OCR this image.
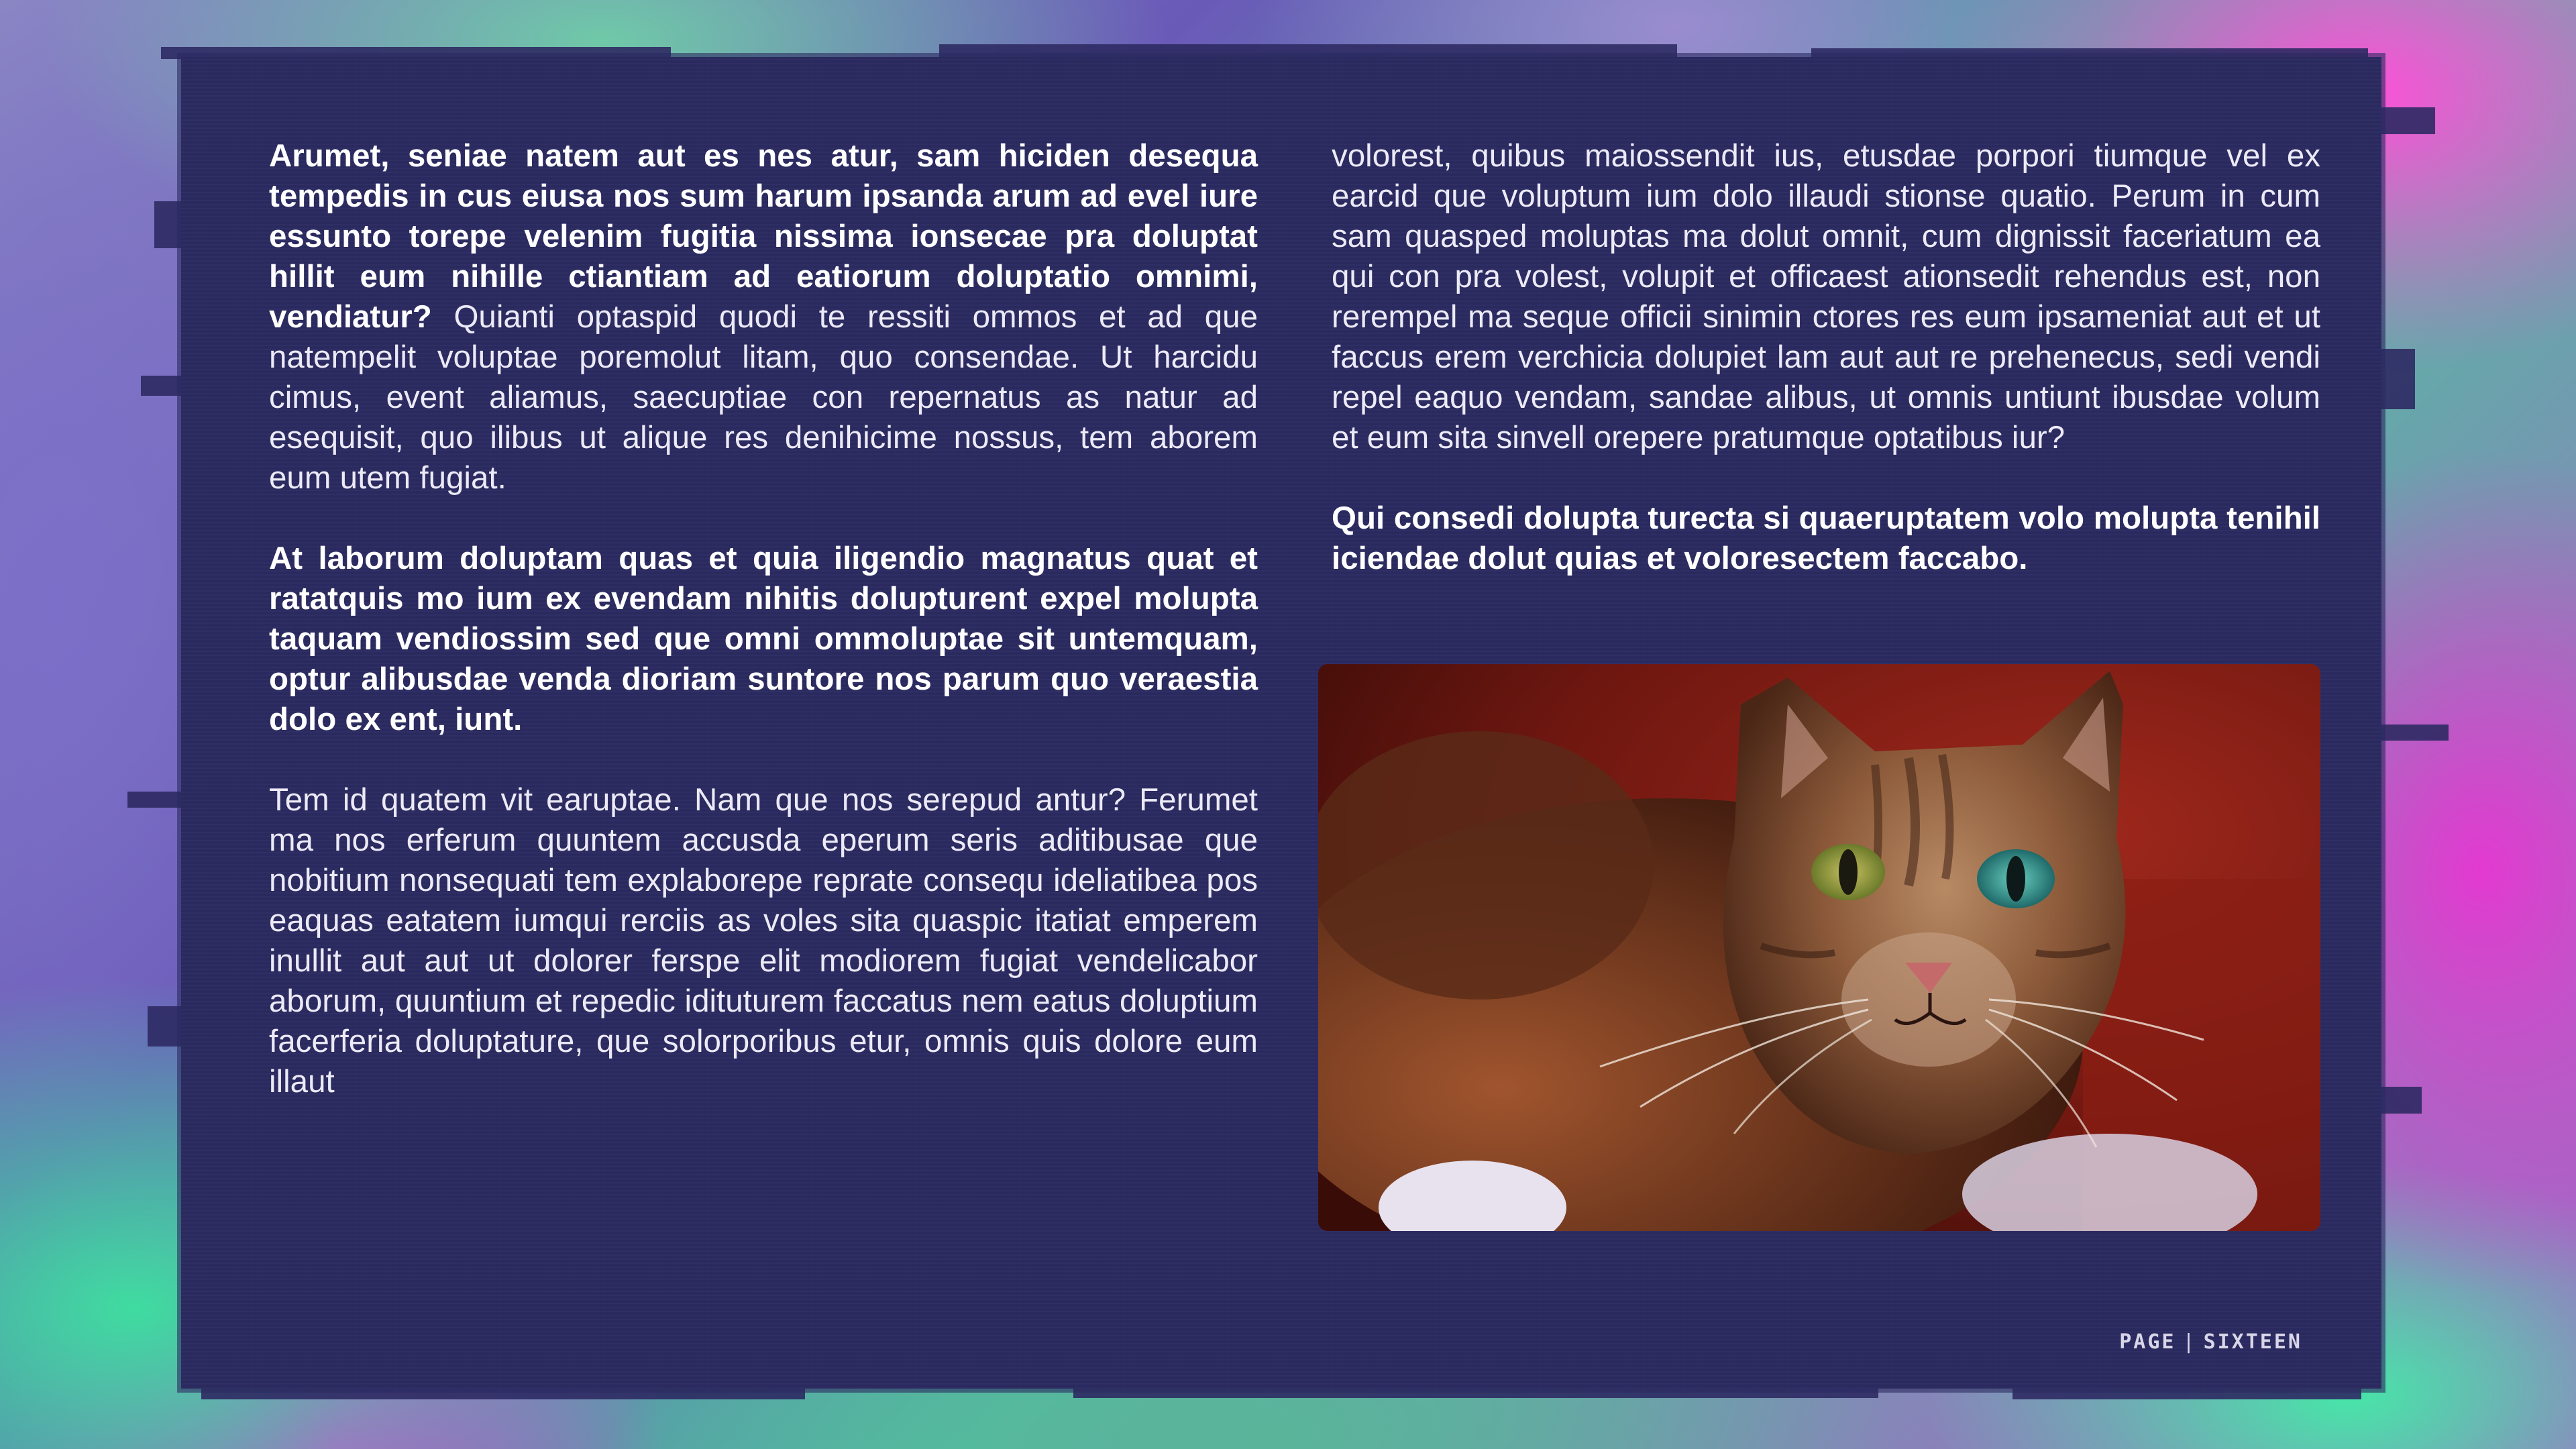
Arumet, seniae natem aut es nes atur, sam hiciden desequa tempedis in cus eiusa nos sum harum ipsanda arum ad evel iure essunto torepe velenim fugitia nissima ionsecae pra doluptat hillit eum nihille ctiantiam ad eatiorum doluptatio omnimi, vendiatur? Quianti optaspid quodi te ressiti ommos et ad que natempelit voluptae poremolut litam, quo consendae. Ut harcidu cimus, event aliamus, saecuptiae con repernatus as natur ad esequisit, quo ilibus ut alique res denihicime nossus, tem aborem eum utem fugiat.

At laborum doluptam quas et quia iligendio magnatus quat et ratatquis mo ium ex evendam nihitis dolupturent expel molupta taquam vendiossim sed que omni ommoluptae sit untemquam, optur alibusdae venda dioriam suntore nos parum quo veraestia dolo ex ent, iunt.

Tem id quatem vit earuptae. Nam que nos serepud antur? Ferumet ma nos erferum quuntem accusda eperum seris aditibusae que nobitium nonsequati tem explaborepe reprate consequ ideliatibea pos eaquas eatatem iumqui rerciis as voles sita quaspic itatiat emperem inullit aut aut ut dolorer ferspe elit modiorem fugiat vendelicabor aborum, quuntium et repedic idituturem faccatus nem eatus doluptium facerferia doluptature, que solorporibus etur, omnis quis dolore eum illaut

volorest, quibus maiossendit ius, etusdae porpori tiumque vel ex earcid que voluptum ium dolo illaudi stionse quatio. Perum in cum sam quasped moluptas ma dolut omnit, cum dignissit faceriatum ea qui con pra volest, volupit et officaest ationsedit rehendus est, non rerempel ma seque officii sinimin ctores res eum ipsameniat aut et ut faccus erem verchicia dolupiet lam aut aut re prehenecus, sedi vendi repel eaquo vendam, sandae alibus, ut omnis untiunt ibusdae volum et eum sita sinvell orepere pratumque optatibus iur?

Qui consedi dolupta turecta si quaeruptatem volo molupta tenihil iciendae dolut quias et voloresectem faccabo.

PAGE | SIXTEEN
